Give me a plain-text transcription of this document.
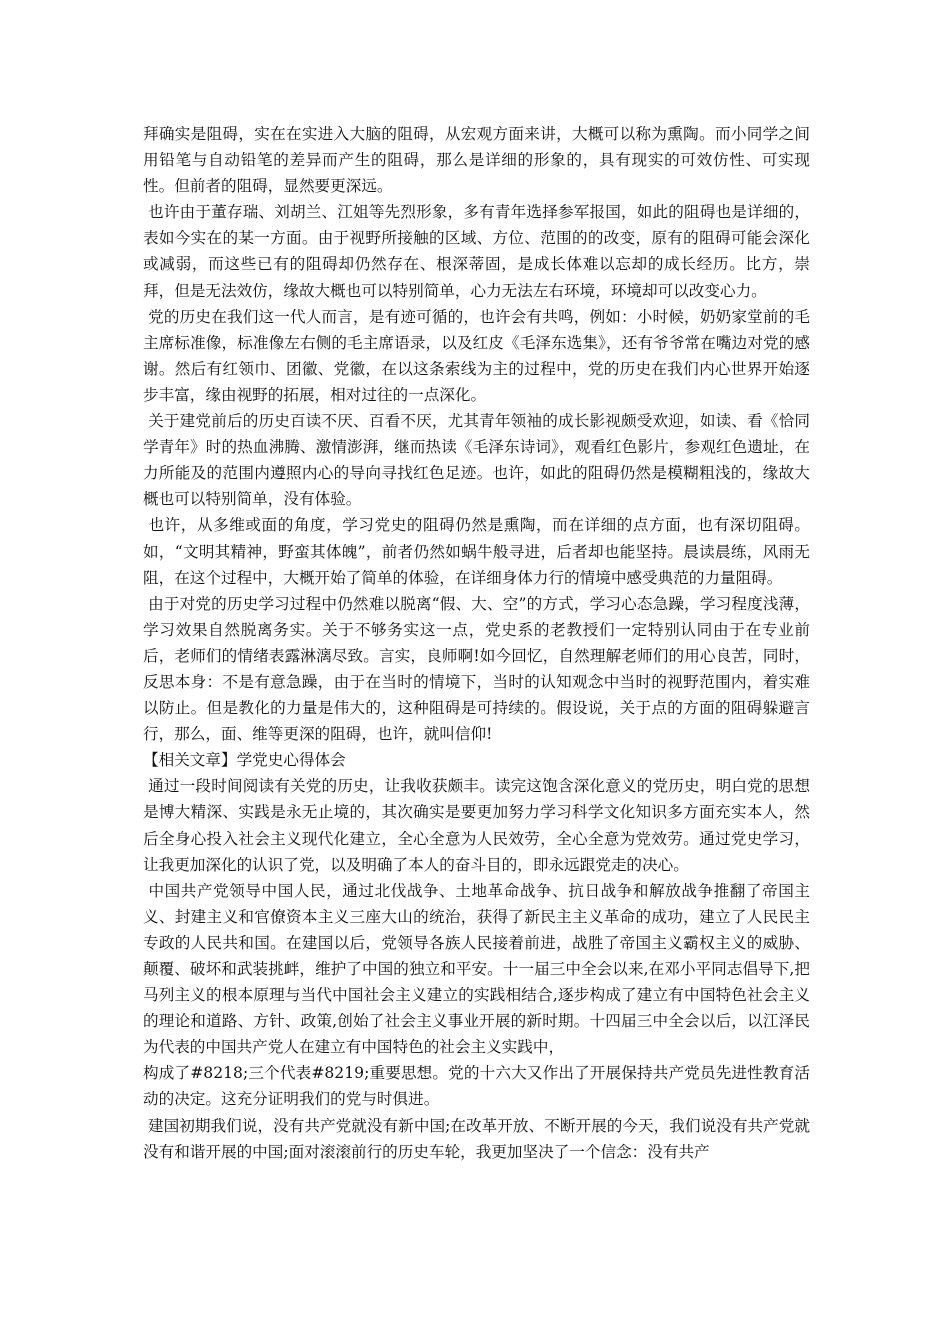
拜确实是阻碍，实在在实进入大脑的阻碍，从宏观方面来讲，大概可以称为熏陶。而小同学之间用铅笔与自动铅笔的差异而产生的阻碍，那么是详细的形象的，具有现实的可效仿性、可实现性。但前者的阻碍，显然要更深远。

也许由于董存瑞、刘胡兰、江姐等先烈形象，多有青年选择参军报国，如此的阻碍也是详细的，表如今实在的某一方面。由于视野所接触的区域、方位、范围的的改变，原有的阻碍可能会深化或减弱，而这些已有的阻碍却仍然存在、根深蒂固，是成长体难以忘却的成长经历。比方，崇拜，但是无法效仿，缘故大概也可以特别简单，心力无法左右环境，环境却可以改变心力。

党的历史在我们这一代人而言，是有迹可循的，也许会有共鸣，例如：小时候，奶奶家堂前的毛主席标准像，标准像左右侧的毛主席语录，以及红皮《毛泽东选集》，还有爷爷常在嘴边对党的感谢。然后有红领巾、团徽、党徽，在以这条索线为主的过程中，党的历史在我们内心世界开始逐步丰富，缘由视野的拓展，相对过往的一点深化。

关于建党前后的历史百读不厌、百看不厌，尤其青年领袖的成长影视颇受欢迎，如读、看《恰同学青年》时的热血沸腾、激情澎湃，继而热读《毛泽东诗词》，观看红色影片，参观红色遗址，在力所能及的范围内遵照内心的导向寻找红色足迹。也许，如此的阻碍仍然是模糊粗浅的，缘故大概也可以特别简单，没有体验。

也许，从多维或面的角度，学习党史的阻碍仍然是熏陶，而在详细的点方面，也有深切阻碍。如，“文明其精神，野蛮其体魄”，前者仍然如蜗牛般寻进，后者却也能坚持。晨读晨练，风雨无阻，在这个过程中，大概开始了简单的体验，在详细身体力行的情境中感受典范的力量阻碍。

由于对党的历史学习过程中仍然难以脱离“假、大、空”的方式，学习心态急躁，学习程度浅薄，学习效果自然脱离务实。关于不够务实这一点，党史系的老教授们一定特别认同由于在专业前后，老师们的情绪表露淋漓尽致。言实，良师啊!如今回忆，自然理解老师们的用心良苦，同时，反思本身：不是有意急躁，由于在当时的情境下，当时的认知观念中当时的视野范围内，着实难以防止。但是教化的力量是伟大的，这种阻碍是可持续的。假设说，关于点的方面的阻碍躲避言行，那么，面、维等更深的阻碍，也许，就叫信仰!

【相关文章】学党史心得体会

通过一段时间阅读有关党的历史，让我收获颇丰。读完这饱含深化意义的党历史，明白党的思想是博大精深、实践是永无止境的，其次确实是要更加努力学习科学文化知识多方面充实本人，然后全身心投入社会主义现代化建立，全心全意为人民效劳，全心全意为党效劳。通过党史学习，让我更加深化的认识了党，以及明确了本人的奋斗目的，即永远跟党走的决心。

中国共产党领导中国人民，通过北伐战争、土地革命战争、抗日战争和解放战争推翻了帝国主义、封建主义和官僚资本主义三座大山的统治，获得了新民主主义革命的成功，建立了人民民主专政的人民共和国。在建国以后，党领导各族人民接着前进，战胜了帝国主义霸权主义的威胁、颠覆、破坏和武装挑衅，维护了中国的独立和平安。十一届三中全会以来,在邓小平同志倡导下,把马列主义的根本原理与当代中国社会主义建立的实践相结合,逐步构成了建立有中国特色社会主义的理论和道路、方针、政策,创始了社会主义事业开展的新时期。十四届三中全会以后，以江泽民为代表的中国共产党人在建立有中国特色的社会主义实践中，

构成了#8218;三个代表#8219;重要思想。党的十六大又作出了开展保持共产党员先进性教育活动的决定。这充分证明我们的党与时俱进。

建国初期我们说，没有共产党就没有新中国;在改革开放、不断开展的今天，我们说没有共产党就没有和谐开展的中国;面对滚滚前行的历史车轮，我更加坚决了一个信念：没有共产
